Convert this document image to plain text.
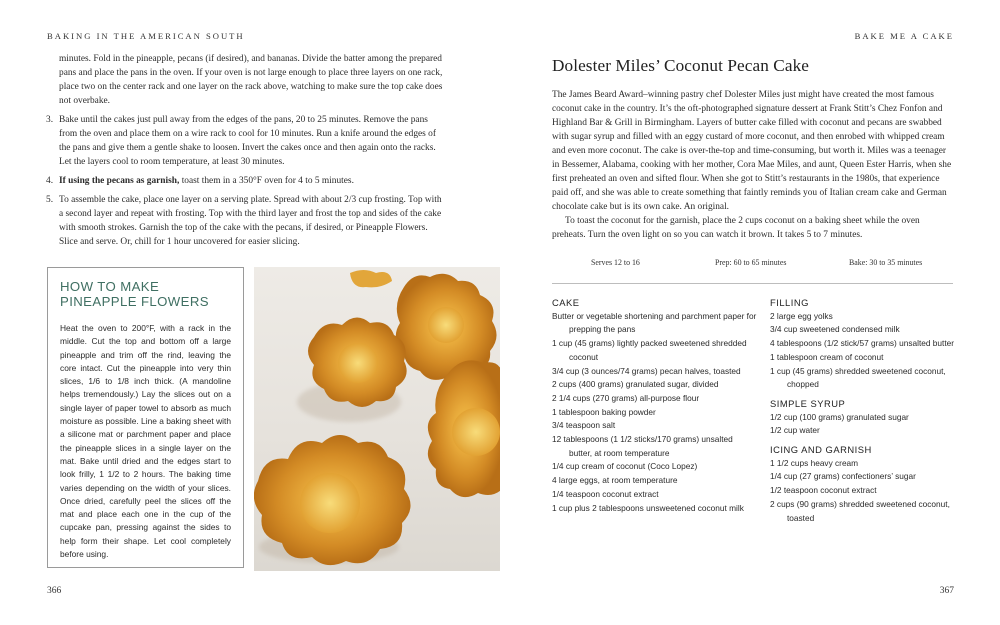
BAKING IN THE AMERICAN SOUTH
minutes. Fold in the pineapple, pecans (if desired), and bananas. Divide the batter among the prepared pans and place the pans in the oven. If your oven is not large enough to place three layers on one rack, place two on the center rack and one layer on the rack above, watching to make sure the top cake does not overbake.
3. Bake until the cakes just pull away from the edges of the pans, 20 to 25 minutes. Remove the pans from the oven and place them on a wire rack to cool for 10 minutes. Run a knife around the edges of the pans and give them a gentle shake to loosen. Invert the cakes once and then again onto the racks. Let the layers cool to room temperature, at least 30 minutes.
4. If using the pecans as garnish, toast them in a 350°F oven for 4 to 5 minutes.
5. To assemble the cake, place one layer on a serving plate. Spread with about 2/3 cup frosting. Top with a second layer and repeat with frosting. Top with the third layer and frost the top and sides of the cake with smooth strokes. Garnish the top of the cake with the pecans, if desired, or Pineapple Flowers. Slice and serve. Or, chill for 1 hour uncovered for easier slicing.
HOW TO MAKE PINEAPPLE FLOWERS

Heat the oven to 200°F, with a rack in the middle. Cut the top and bottom off a large pineapple and trim off the rind, leaving the core intact. Cut the pineapple into very thin slices, 1/6 to 1/8 inch thick. (A mandoline helps tremendously.) Lay the slices out on a single layer of paper towel to absorb as much moisture as possible. Line a baking sheet with a silicone mat or parchment paper and place the pineapple slices in a single layer on the mat. Bake until dried and the edges start to look frilly, 1 1/2 to 2 hours. The baking time varies depending on the width of your slices. Once dried, carefully peel the slices off the mat and place each one in the cup of the cupcake pan, pressing against the sides to help form their shape. Let cool completely before using.

366
BAKE ME A CAKE
Dolester Miles’ Coconut Pecan Cake

The James Beard Award–winning pastry chef Dolester Miles just might have created the most famous coconut cake in the country. It’s the oft-photographed signature dessert at Frank Stitt’s Chez Fonfon and Highland Bar & Grill in Birmingham. Layers of butter cake filled with coconut and pecans are swabbed with sugar syrup and filled with an eggy custard of more coconut, and then enrobed with whipped cream and even more coconut. The cake is over-the-top and time-consuming, but worth it. Miles was a teenager in Bessemer, Alabama, cooking with her mother, Cora Mae Miles, and aunt, Queen Ester Harris, when she first preheated an oven and sifted flour. When she got to Stitt’s restaurants in the 1980s, that experience paid off, and she was able to create something that faintly reminds you of Italian cream cake and German chocolate cake but is its own cake. An original.

To toast the coconut for the garnish, place the 2 cups coconut on a baking sheet while the oven preheats. Turn the oven light on so you can watch it brown. It takes 5 to 7 minutes.

Serves 12 to 16	Prep: 60 to 65 minutes	Bake: 30 to 35 minutes
CAKE
Butter or vegetable shortening and parchment paper for prepping the pans
1 cup (45 grams) lightly packed sweetened shredded coconut
3/4 cup (3 ounces/74 grams) pecan halves, toasted
2 cups (400 grams) granulated sugar, divided
2 1/4 cups (270 grams) all-purpose flour
1 tablespoon baking powder
3/4 teaspoon salt
12 tablespoons (1 1/2 sticks/170 grams) unsalted butter, at room temperature
1/4 cup cream of coconut (Coco Lopez)
4 large eggs, at room temperature
1/4 teaspoon coconut extract
1 cup plus 2 tablespoons unsweetened coconut milk
FILLING
2 large egg yolks
3/4 cup sweetened condensed milk
4 tablespoons (1/2 stick/57 grams) unsalted butter
1 tablespoon cream of coconut
1 cup (45 grams) shredded sweetened coconut, chopped
SIMPLE SYRUP
1/2 cup (100 grams) granulated sugar
1/2 cup water
ICING AND GARNISH
1 1/2 cups heavy cream
1/4 cup (27 grams) confectioners’ sugar
1/2 teaspoon coconut extract
2 cups (90 grams) shredded sweetened coconut, toasted
367
